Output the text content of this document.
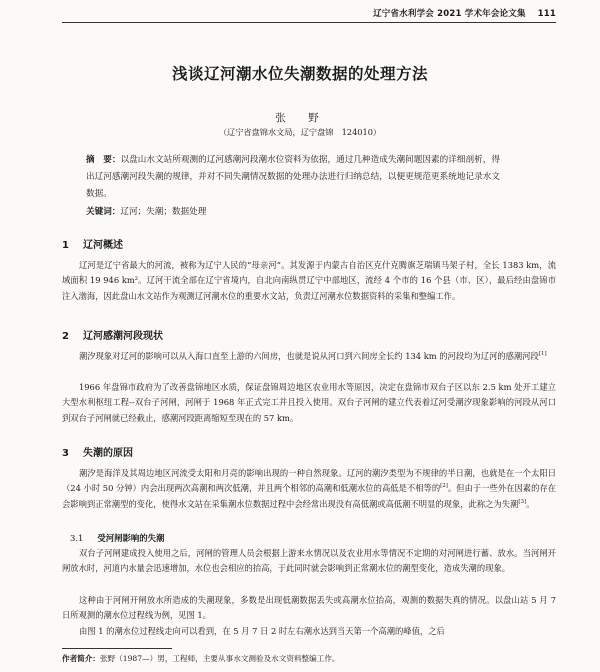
辽宁省水利学会 2021 学术年会论文集 111
浅谈辽河潮水位失潮数据的处理方法
张　野
（辽宁省盘锦水文局，辽宁盘锦　124010）

摘　要：以盘山水文站所观测的辽河感潮河段潮水位资料为依据，通过几种造成失潮间题因素的详细剖析，得出辽河感潮河段失潮的规律，并对不同失潮情况数据的处理办法进行归纳总结，以便更规范更系统地记录水文数据。

关键词：辽河；失潮；数据处理
1 辽河概述

辽河是辽宁省最大的河流，被称为辽宁人民的“母亲河”。其发源于内蒙古自治区克什克腾旗芝瑞镇马架子村，全长 1383 km，流域面积 19 946 km²。辽河干流全部在辽宁省境内，自北向南纵贯辽宁中部地区，流经 4 个市的 16 个县（市、区），最后经由盘锦市注入渤海，因此盘山水文站作为观测辽河潮水位的重要水文站，负责辽河潮水位数据资料的采集和整编工作。

2 辽河感潮河段现状

潮汐现象对辽河的影响可以从入海口直至上游的六间房，也就是说从河口到六间房全长约 134 km 的河段均为辽河的感潮河段[1]

1966 年盘锦市政府为了改善盘锦地区水质，保证盘锦周边地区农业用水等原因，决定在盘锦市双台子区以东 2.5 km 处开工建立大型水利枢纽工程--双台子河闸，河闸于 1968 年正式完工并且投入使用。双台子河闸的建立代表着辽河受潮汐现象影响的河段从河口到双台子河闸就已经截止，感潮河段距离缩短至现在的 57 km。

3 失潮的原因

潮汐是海洋及其周边地区河流受太阳和月亮的影响出现的一种自然现象。辽河的潮汐类型为不规律的半日潮，也就是在一个太阳日（24 小时 50 分钟）内会出现两次高潮和两次低潮，并且两个相邻的高潮和低潮水位的高低是不相等的[2]。但由于一些外在因素的存在会影响到正常潮型的变化，使得水文站在采集潮水位数据过程中会经常出现没有高低潮或高低潮不明显的现象，此称之为失潮[3]。

3.1 受河闸影响的失潮

双台子河闸建成投入使用之后，河闸的管理人员会根据上游来水情况以及农业用水等情况不定期的对河闸进行蓄、放水。当河闸开闸放水时，河道内水量会迅速增加，水位也会相应的抬高，于此同时就会影响到正常潮水位的潮型变化，造成失潮的现象。

这种由于河闸开闸放水所造成的失潮现象，多数是出现低潮数据丢失或高潮水位抬高，观测的数据失真的情况。以盘山站 5 月 7 日所观测的潮水位过程线为例，见图 1。

由图 1 的潮水位过程线走向可以看到，在 5 月 7 日 2 时左右潮水达到当天第一个高潮的峰值，之后

作者简介：张野（1987—）男，工程师，主要从事水文测验及水文资料整编工作。
